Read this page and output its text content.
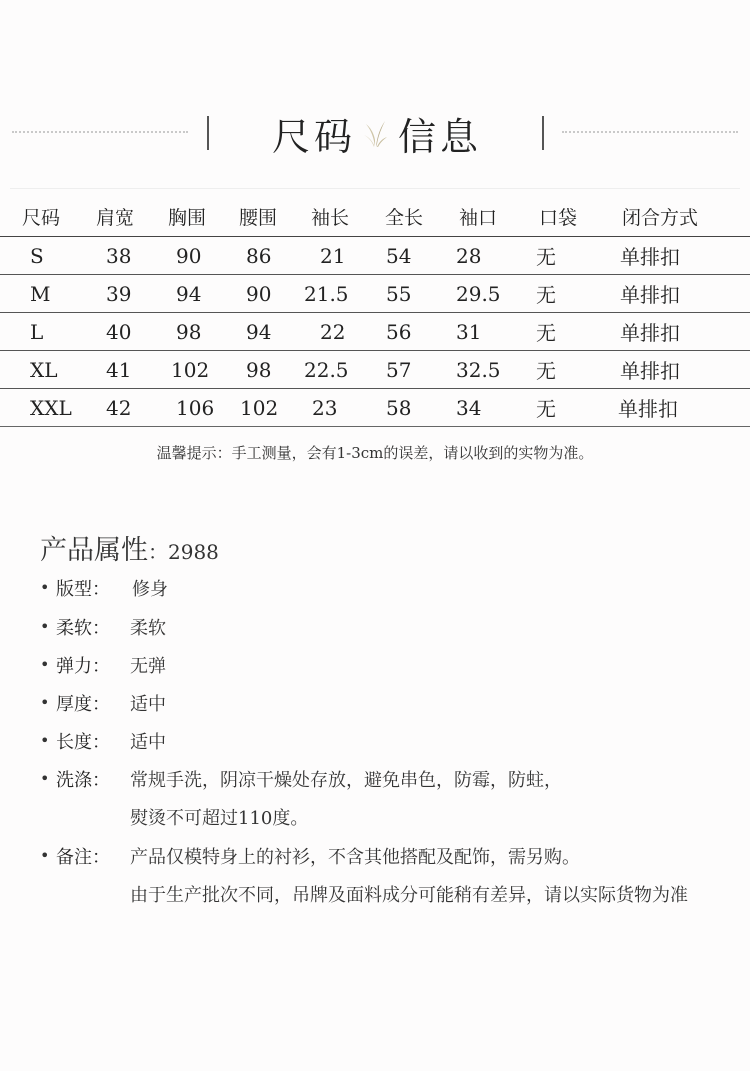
尺码 信息
尺码	肩宽	胸围	腰围	袖长	全长	袖口	口袋	闭合方式
S	38	90	86	21	54	28	无	单排扣
M	39	94	90	21.5	55	29.5	无	单排扣
L	40	98	94	22	56	31	无	单排扣
XL	41	102	98	22.5	57	32.5	无	单排扣
XXL	42	106	102	23	58	34	无	单排扣
温馨提示：手工测量，会有1-3cm的误差，请以收到的实物为准。
产品属性：2988
• 版型： 修身
• 柔软： 柔软
• 弹力： 无弹
• 厚度： 适中
• 长度： 适中
• 洗涤： 常规手洗，阴凉干燥处存放，避免串色，防霉，防蛀，
熨烫不可超过110度。
• 备注： 产品仅模特身上的衬衫，不含其他搭配及配饰，需另购。
由于生产批次不同，吊牌及面料成分可能稍有差异，请以实际货物为准
